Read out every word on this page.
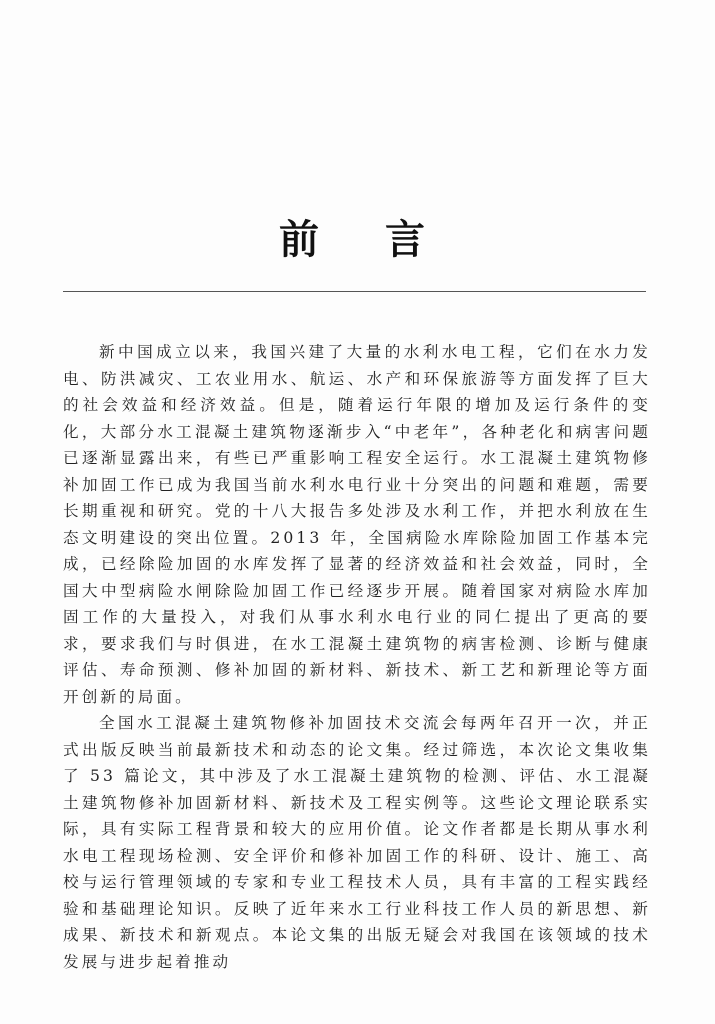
前 言

新中国成立以来，我国兴建了大量的水利水电工程，它们在水力发电、防洪减灾、工农业用水、航运、水产和环保旅游等方面发挥了巨大的社会效益和经济效益。但是，随着运行年限的增加及运行条件的变化，大部分水工混凝土建筑物逐渐步入“中老年”，各种老化和病害问题已逐渐显露出来，有些已严重影响工程安全运行。水工混凝土建筑物修补加固工作已成为我国当前水利水电行业十分突出的问题和难题，需要长期重视和研究。党的十八大报告多处涉及水利工作，并把水利放在生态文明建设的突出位置。2013 年，全国病险水库除险加固工作基本完成，已经除险加固的水库发挥了显著的经济效益和社会效益，同时，全国大中型病险水闸除险加固工作已经逐步开展。随着国家对病险水库加固工作的大量投入，对我们从事水利水电行业的同仁提出了更高的要求，要求我们与时俱进，在水工混凝土建筑物的病害检测、诊断与健康评估、寿命预测、修补加固的新材料、新技术、新工艺和新理论等方面开创新的局面。

全国水工混凝土建筑物修补加固技术交流会每两年召开一次，并正式出版反映当前最新技术和动态的论文集。经过筛选，本次论文集收集了 53 篇论文，其中涉及了水工混凝土建筑物的检测、评估、水工混凝土建筑物修补加固新材料、新技术及工程实例等。这些论文理论联系实际，具有实际工程背景和较大的应用价值。论文作者都是长期从事水利水电工程现场检测、安全评价和修补加固工作的科研、设计、施工、高校与运行管理领域的专家和专业工程技术人员，具有丰富的工程实践经验和基础理论知识。反映了近年来水工行业科技工作人员的新思想、新成果、新技术和新观点。本论文集的出版无疑会对我国在该领域的技术发展与进步起着推动
